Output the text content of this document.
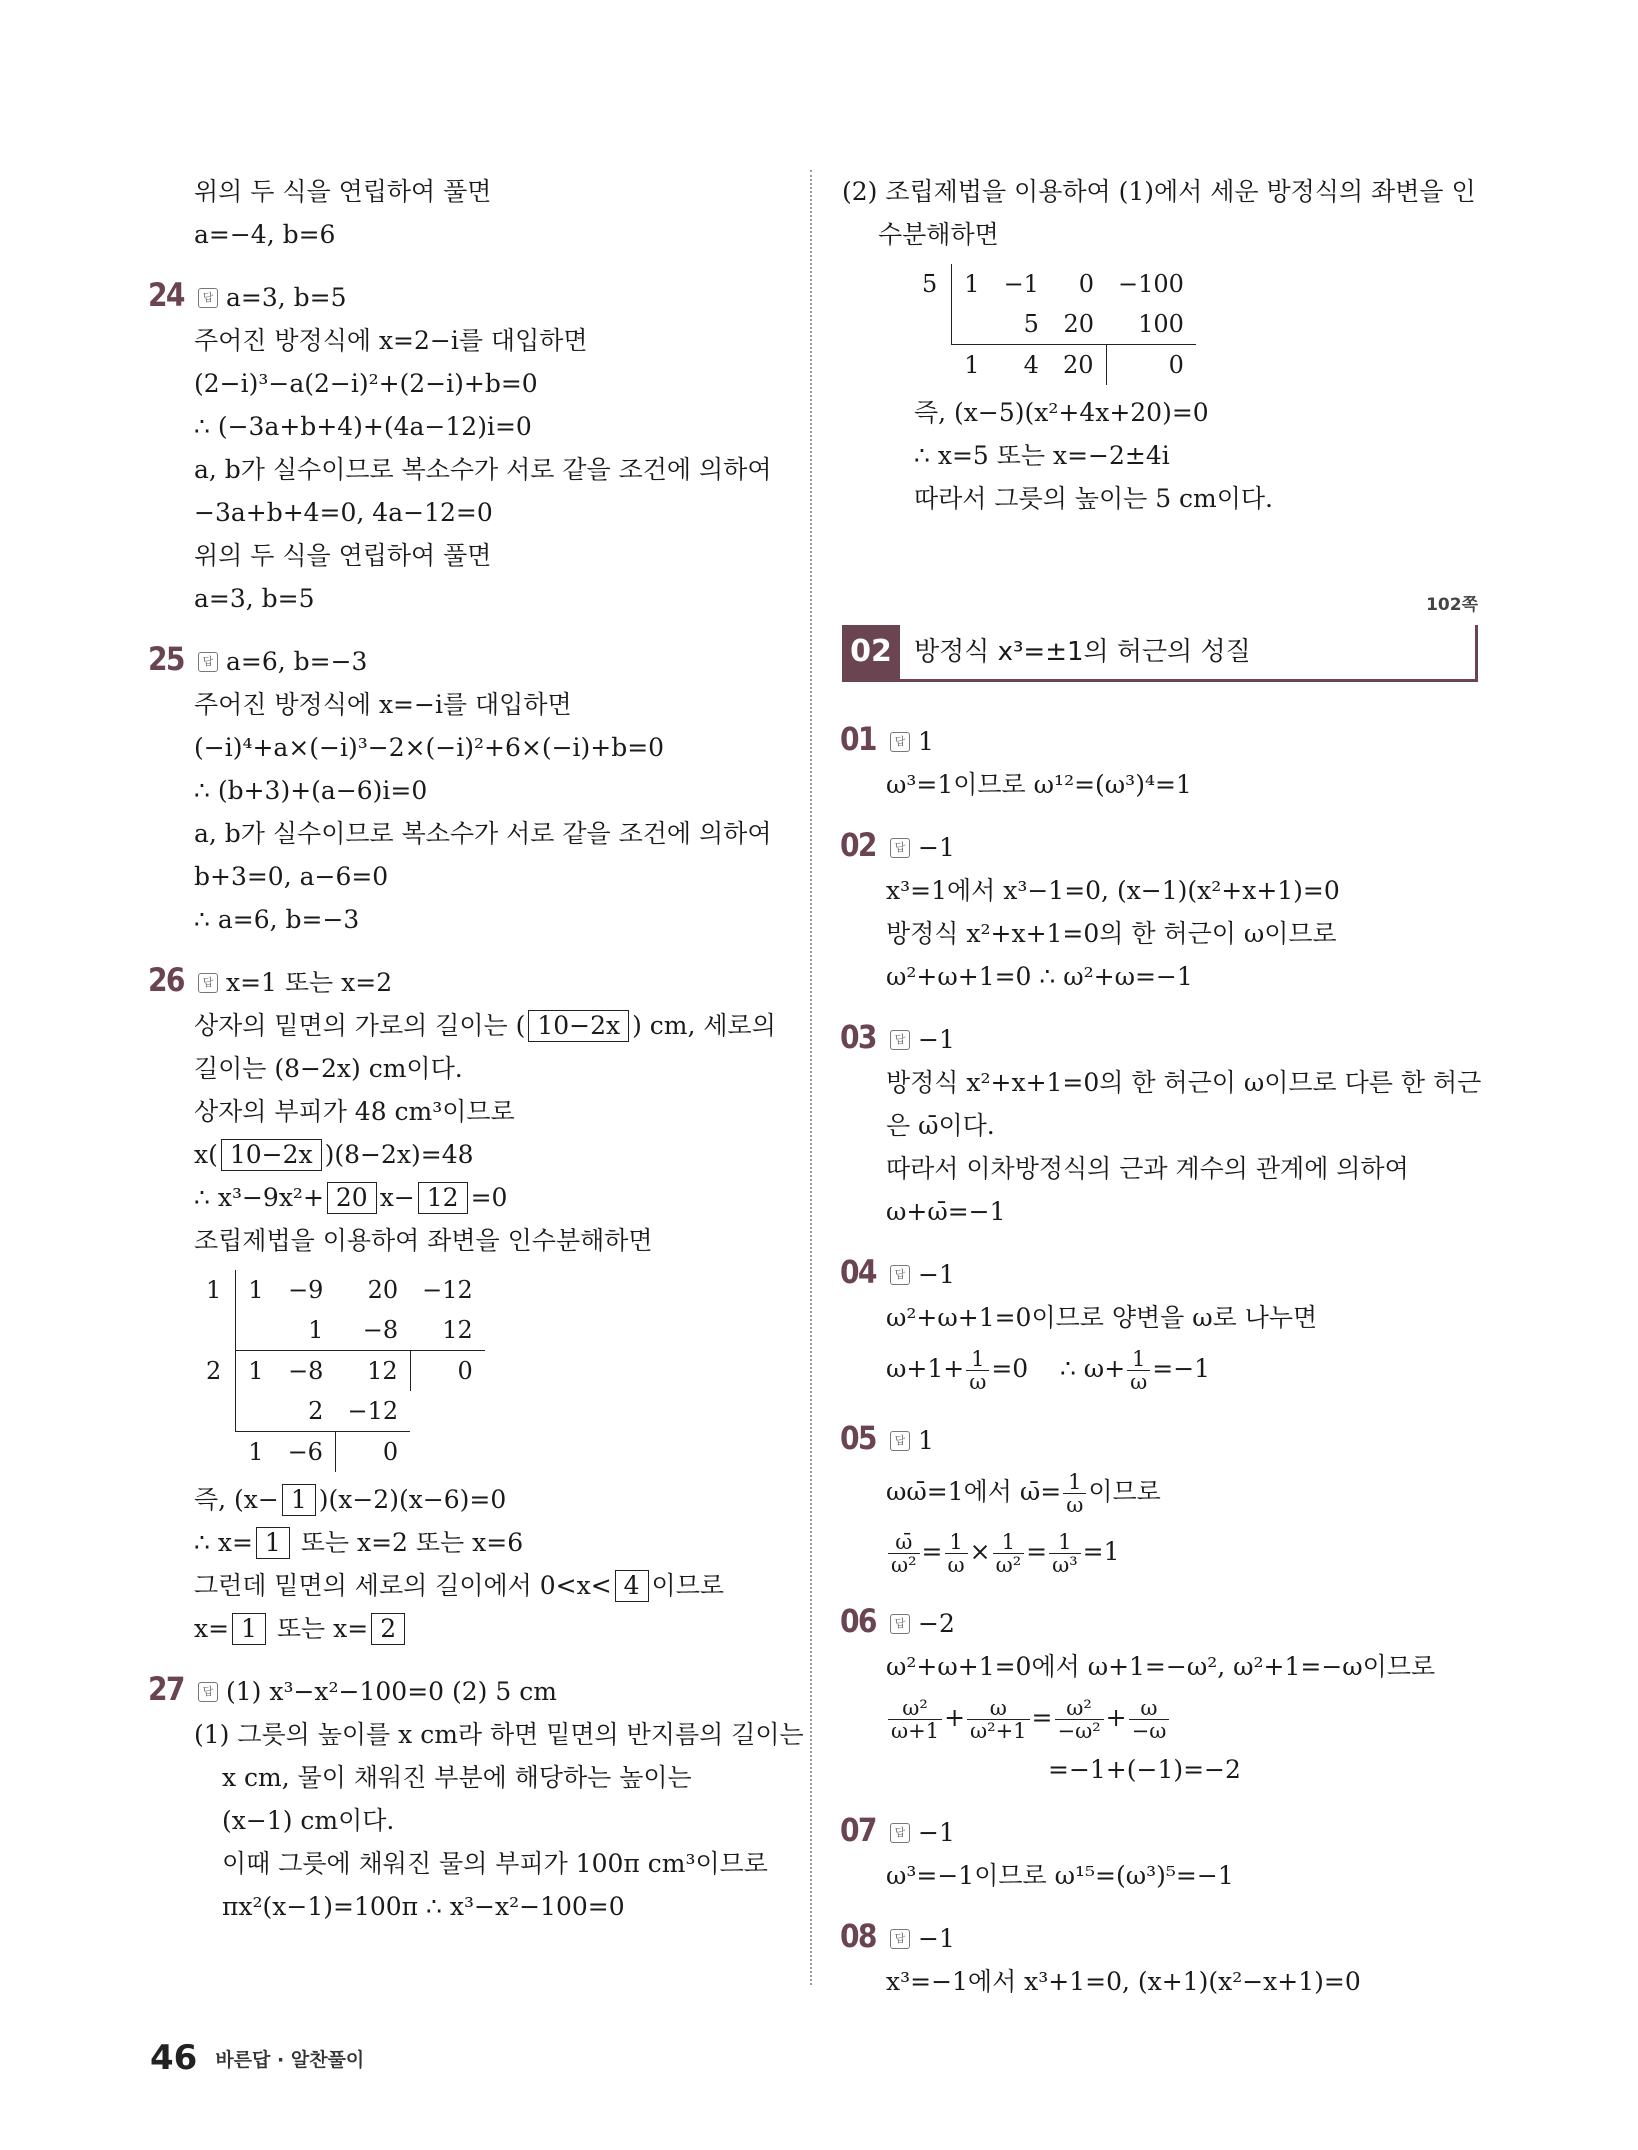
위의 두 식을 연립하여 풀면
a=−4, b=6
24 답 a=3, b=5
주어진 방정식에 x=2−i를 대입하면
(2−i)³−a(2−i)²+(2−i)+b=0
∴ (−3a+b+4)+(4a−12)i=0
a, b가 실수이므로 복소수가 서로 같을 조건에 의하여
−3a+b+4=0, 4a−12=0
위의 두 식을 연립하여 풀면
a=3, b=5
25 답 a=6, b=−3
주어진 방정식에 x=−i를 대입하면
(−i)⁴+a×(−i)³−2×(−i)²+6×(−i)+b=0
∴ (b+3)+(a−6)i=0
a, b가 실수이므로 복소수가 서로 같을 조건에 의하여
b+3=0, a−6=0
∴ a=6, b=−3
26 답 x=1 또는 x=2
상자의 밑면의 가로의 길이는 ( 10−2x ) cm, 세로의
길이는 (8−2x) cm이다.
상자의 부피가 48 cm³이므로
x( 10−2x )(8−2x)=48
∴ x³−9x²+ 20 x− 12 =0
조립제법을 이용하여 좌변을 인수분해하면
1	1	−9	20	−12
		1	−8	12
2	1	−8	12	0
		2	−12	
	1	−6	0	
즉, (x− 1 )(x−2)(x−6)=0
∴ x= 1 또는 x=2 또는 x=6
그런데 밑면의 세로의 길이에서 0<x< 4 이므로
x= 1 또는 x= 2
27 답 (1) x³−x²−100=0 (2) 5 cm
(1) 그릇의 높이를 x cm라 하면 밑면의 반지름의 길이는
x cm, 물이 채워진 부분에 해당하는 높이는
(x−1) cm이다.
이때 그릇에 채워진 물의 부피가 100π cm³이므로
πx²(x−1)=100π ∴ x³−x²−100=0
(2) 조립제법을 이용하여 (1)에서 세운 방정식의 좌변을 인
수분해하면
5	1	−1	0	−100
		5	20	100
	1	4	20	0
즉, (x−5)(x²+4x+20)=0
∴ x=5 또는 x=−2±4i
따라서 그릇의 높이는 5 cm이다.
102쪽
02 방정식 x³=±1의 허근의 성질
01 답 1
ω³=1이므로 ω¹²=(ω³)⁴=1
02 답 −1
x³=1에서 x³−1=0, (x−1)(x²+x+1)=0
방정식 x²+x+1=0의 한 허근이 ω이므로
ω²+ω+1=0 ∴ ω²+ω=−1
03 답 −1
방정식 x²+x+1=0의 한 허근이 ω이므로 다른 한 허근
은 ω̄이다.
따라서 이차방정식의 근과 계수의 관계에 의하여
ω+ω̄=−1
04 답 −1
ω²+ω+1=0이므로 양변을 ω로 나누면
$\omega+1+ \frac{1}{\omega} =0$    ∴ $\omega+ \frac{1}{\omega} =-1$
05 답 1
ωω̄=1에서 ω̄= $\frac{1}{\omega}$ 이므로
$\frac{\omegā}{\text{ω²}} = \frac{1}{\omega} \times \frac{1}{\text{ω²}} = \frac{1}{\text{ω³}} =1$
06 답 −2
ω²+ω+1=0에서 ω+1=−ω², ω²+1=−ω이므로
$\frac{\text{ω²}}{\omega+1} + \frac{\omega}{\text{ω²+1}} = \frac{\text{ω²}}{\text{−ω²}} + \frac{\omega}{-\omega}$
=−1+(−1)=−2
07 답 −1
ω³=−1이므로 ω¹⁵=(ω³)⁵=−1
08 답 −1
x³=−1에서 x³+1=0, (x+1)(x²−x+1)=0
46 바른답 · 알찬풀이
